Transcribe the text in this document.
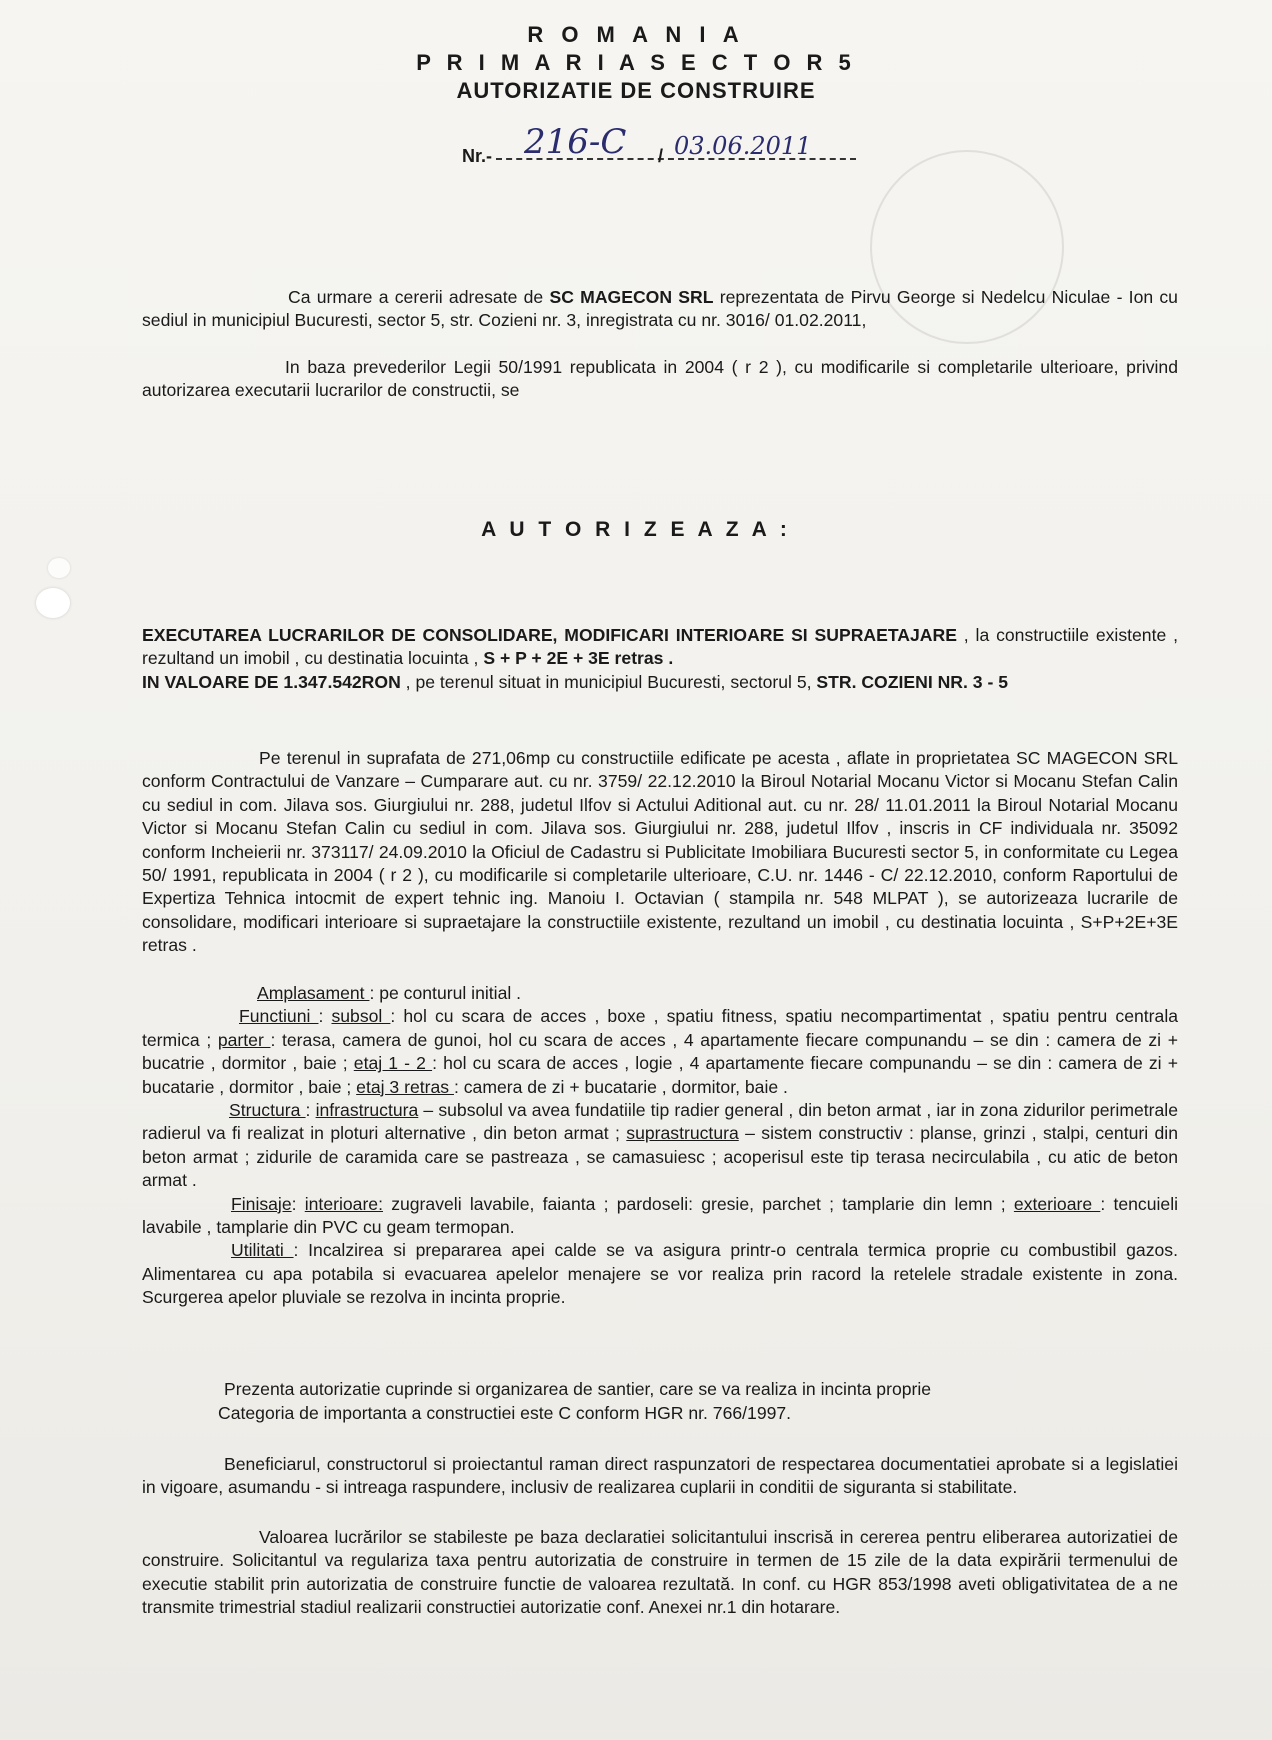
R O M A N I A
P R I M A R I A S E C T O R 5
AUTORIZATIE DE CONSTRUIRE
Nr.- 216-C / 03.06.2011
Ca urmare a cererii adresate de SC MAGECON SRL reprezentata de Pirvu George si Nedelcu Niculae - Ion cu sediul in municipiul Bucuresti, sector 5, str. Cozieni nr. 3, inregistrata cu nr. 3016/ 01.02.2011,
In baza prevederilor Legii 50/1991 republicata in 2004 ( r 2 ), cu modificarile si completarile ulterioare, privind autorizarea executarii lucrarilor de constructii, se
A U T O R I Z E A Z A :
EXECUTAREA LUCRARILOR DE CONSOLIDARE, MODIFICARI INTERIOARE SI SUPRAETAJARE , la constructiile existente , rezultand un imobil , cu destinatia locuinta , S + P + 2E + 3E retras .
IN VALOARE DE 1.347.542RON , pe terenul situat in municipiul Bucuresti, sectorul 5, STR. COZIENI NR. 3 - 5
Pe terenul in suprafata de 271,06mp cu constructiile edificate pe acesta , aflate in proprietatea SC MAGECON SRL conform Contractului de Vanzare – Cumparare aut. cu nr. 3759/ 22.12.2010 la Biroul Notarial Mocanu Victor si Mocanu Stefan Calin cu sediul in com. Jilava sos. Giurgiului nr. 288, judetul Ilfov si Actului Aditional aut. cu nr. 28/ 11.01.2011 la Biroul Notarial Mocanu Victor si Mocanu Stefan Calin cu sediul in com. Jilava sos. Giurgiului nr. 288, judetul Ilfov , inscris in CF individuala nr. 35092 conform Incheierii nr. 373117/ 24.09.2010 la Oficiul de Cadastru si Publicitate Imobiliara Bucuresti sector 5, in conformitate cu Legea 50/ 1991, republicata in 2004 ( r 2 ), cu modificarile si completarile ulterioare, C.U. nr. 1446 - C/ 22.12.2010, conform Raportului de Expertiza Tehnica intocmit de expert tehnic ing. Manoiu I. Octavian ( stampila nr. 548 MLPAT ), se autorizeaza lucrarile de consolidare, modificari interioare si supraetajare la constructiile existente, rezultand un imobil , cu destinatia locuinta , S+P+2E+3E retras .
Amplasament : pe conturul initial .
Functiuni : subsol : hol cu scara de acces , boxe , spatiu fitness, spatiu necompartimentat , spatiu pentru centrala termica ; parter : terasa, camera de gunoi, hol cu scara de acces , 4 apartamente fiecare compunandu – se din : camera de zi + bucatrie , dormitor , baie ; etaj 1 - 2 : hol cu scara de acces , logie , 4 apartamente fiecare compunandu – se din : camera de zi + bucatarie , dormitor , baie ; etaj 3 retras : camera de zi + bucatarie , dormitor, baie .
Structura : infrastructura – subsolul va avea fundatiile tip radier general , din beton armat , iar in zona zidurilor perimetrale radierul va fi realizat in ploturi alternative , din beton armat ; suprastructura – sistem constructiv : planse, grinzi , stalpi, centuri din beton armat ; zidurile de caramida care se pastreaza , se camasuiesc ; acoperisul este tip terasa necirculabila , cu atic de beton armat .
Finisaje: interioare: zugraveli lavabile, faianta ; pardoseli: gresie, parchet ; tamplarie din lemn ; exterioare : tencuieli lavabile , tamplarie din PVC cu geam termopan.
Utilitati : Incalzirea si prepararea apei calde se va asigura printr-o centrala termica proprie cu combustibil gazos. Alimentarea cu apa potabila si evacuarea apelelor menajere se vor realiza prin racord la retelele stradale existente in zona. Scurgerea apelor pluviale se rezolva in incinta proprie.
Prezenta autorizatie cuprinde si organizarea de santier, care se va realiza in incinta proprie
Categoria de importanta a constructiei este C conform HGR nr. 766/1997.
Beneficiarul, constructorul si proiectantul raman direct raspunzatori de respectarea documentatiei aprobate si a legislatiei in vigoare, asumandu - si intreaga raspundere, inclusiv de realizarea cuplarii in conditii de siguranta si stabilitate.
Valoarea lucrărilor se stabileste pe baza declaratiei solicitantului inscrisă in cererea pentru eliberarea autorizatiei de construire. Solicitantul va regulariza taxa pentru autorizatia de construire in termen de 15 zile de la data expirării termenului de executie stabilit prin autorizatia de construire functie de valoarea rezultată. In conf. cu HGR 853/1998 aveti obligativitatea de a ne transmite trimestrial stadiul realizarii constructiei autorizatie conf. Anexei nr.1 din hotarare.
